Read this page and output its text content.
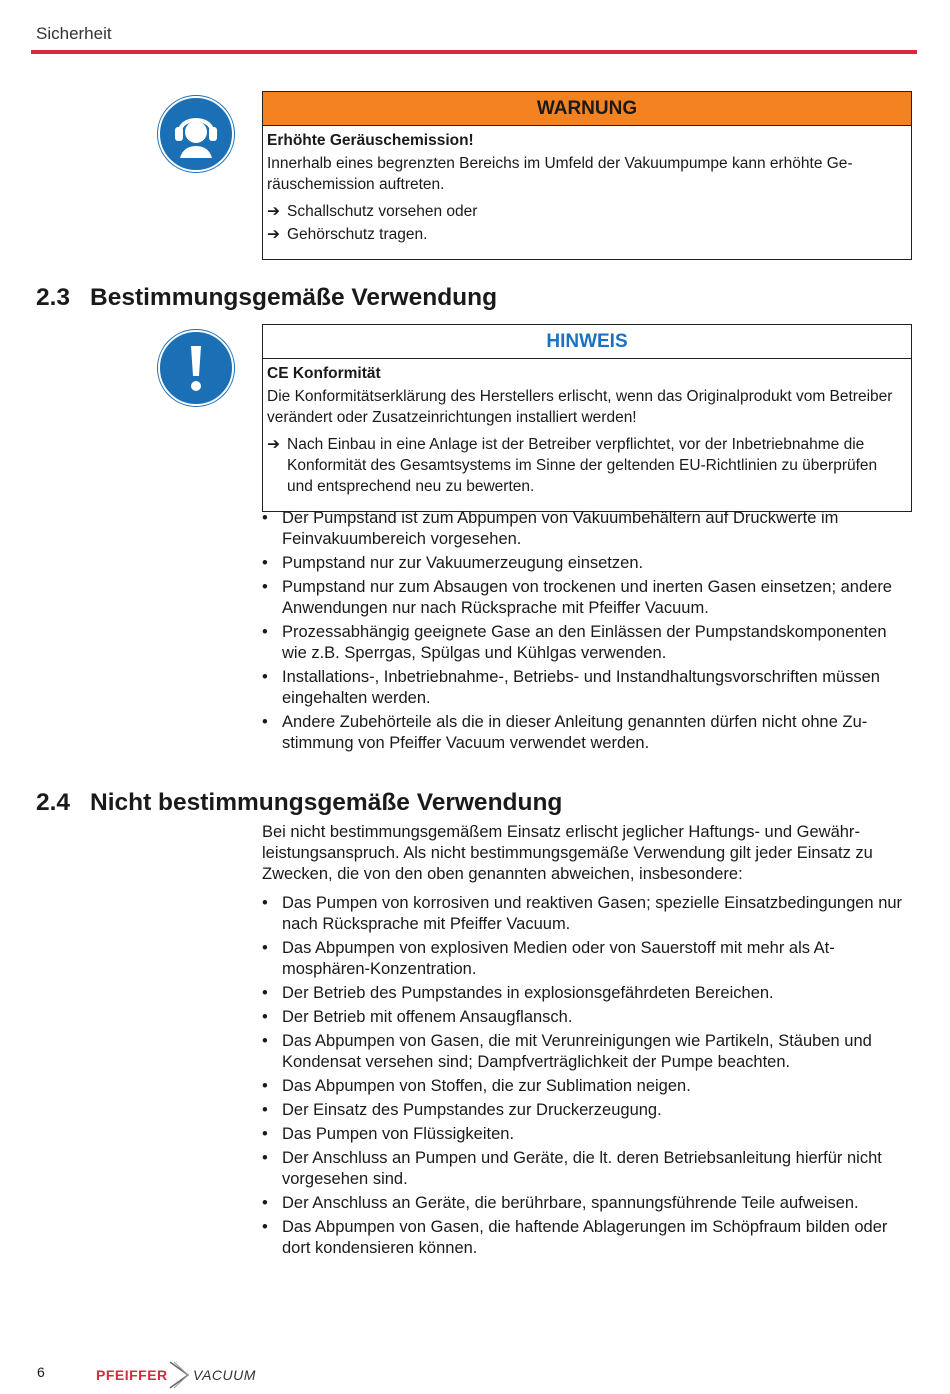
Sicherheit
WARNUNG
Erhöhte Geräuschemission!

Innerhalb eines begrenzten Bereichs im Umfeld der Vakuumpumpe kann erhöhte Geräuschemission auftreten.

➔ Schallschutz vorsehen oder

➔ Gehörschutz tragen.

2.3 Bestimmungsgemäße Verwendung
HINWEIS
CE Konformität

Die Konformitätserklärung des Herstellers erlischt, wenn das Originalprodukt vom Betreiber verändert oder Zusatzeinrichtungen installiert werden!

➔ Nach Einbau in eine Anlage ist der Betreiber verpflichtet, vor der Inbetriebnahme die Konformität des Gesamtsystems im Sinne der geltenden EU-Richtlinien zu überprüfen und entsprechend neu zu bewerten.

• Der Pumpstand ist zum Abpumpen von Vakuumbehältern auf Druckwerte im Feinvakuumbereich vorgesehen.
• Pumpstand nur zur Vakuumerzeugung einsetzen.
• Pumpstand nur zum Absaugen von trockenen und inerten Gasen einsetzen; andere Anwendungen nur nach Rücksprache mit Pfeiffer Vacuum.
• Prozessabhängig geeignete Gase an den Einlässen der Pumpstandskomponenten wie z.B. Sperrgas, Spülgas und Kühlgas verwenden.
• Installations-, Inbetriebnahme-, Betriebs- und Instandhaltungsvorschriften müssen eingehalten werden.
• Andere Zubehörteile als die in dieser Anleitung genannten dürfen nicht ohne Zustimmung von Pfeiffer Vacuum verwendet werden.
2.4 Nicht bestimmungsgemäße Verwendung

Bei nicht bestimmungsgemäßem Einsatz erlischt jeglicher Haftungs- und Gewährleistungsanspruch. Als nicht bestimmungsgemäße Verwendung gilt jeder Einsatz zu Zwecken, die von den oben genannten abweichen, insbesondere:

• Das Pumpen von korrosiven und reaktiven Gasen; spezielle Einsatzbedingungen nur nach Rücksprache mit Pfeiffer Vacuum.
• Das Abpumpen von explosiven Medien oder von Sauerstoff mit mehr als Atmosphären-Konzentration.
• Der Betrieb des Pumpstandes in explosionsgefährdeten Bereichen.
• Der Betrieb mit offenem Ansaugflansch.
• Das Abpumpen von Gasen, die mit Verunreinigungen wie Partikeln, Stäuben und Kondensat versehen sind; Dampfverträglichkeit der Pumpe beachten.
• Das Abpumpen von Stoffen, die zur Sublimation neigen.
• Der Einsatz des Pumpstandes zur Druckerzeugung.
• Das Pumpen von Flüssigkeiten.
• Der Anschluss an Pumpen und Geräte, die lt. deren Betriebsanleitung hierfür nicht vorgesehen sind.
• Der Anschluss an Geräte, die berührbare, spannungsführende Teile aufweisen.
• Das Abpumpen von Gasen, die haftende Ablagerungen im Schöpfraum bilden oder dort kondensieren können.
6	PFEIFFER VACUUM
